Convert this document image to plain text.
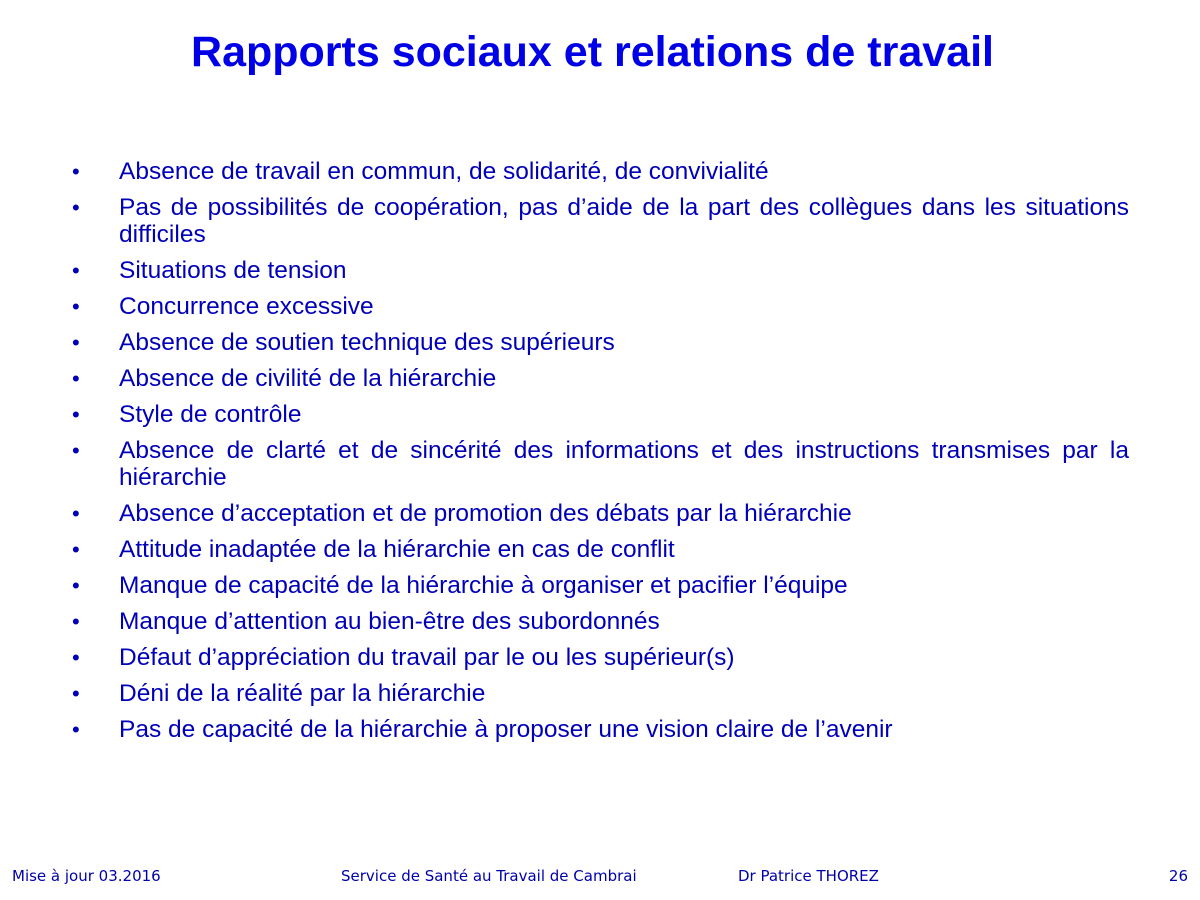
Rapports sociaux et relations de travail
• Absence de travail en commun, de solidarité, de convivialité
• Pas de possibilités de coopération, pas d’aide de la part des collègues dans les situations difficiles
• Situations de tension
• Concurrence excessive
• Absence de soutien technique des supérieurs
• Absence de civilité de la hiérarchie
• Style de contrôle
• Absence de clarté et de sincérité des informations et des instructions transmises par la hiérarchie
• Absence d’acceptation et de promotion des débats par la hiérarchie
• Attitude inadaptée de la hiérarchie en cas de conflit
• Manque de capacité de la hiérarchie à organiser et pacifier l’équipe
• Manque d’attention au bien-être des subordonnés
• Défaut d’appréciation du travail par le ou les supérieur(s)
• Déni de la réalité par la hiérarchie
• Pas de capacité de la hiérarchie à proposer une vision claire de l’avenir
Mise à jour 03.2016	Service de Santé au Travail de Cambrai	Dr Patrice THOREZ	26
